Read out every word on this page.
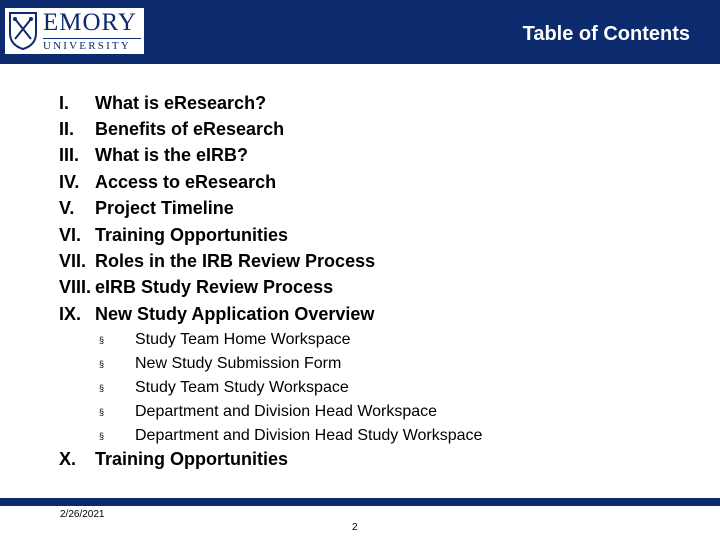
EMORY
UNIVERSITY
Table of Contents
I.	What is eResearch?
II.	Benefits of eResearch
III. What is the eIRB?
IV. Access to eResearch
V.	Project Timeline
VI. Training Opportunities
VII. Roles in the IRB Review Process
VIII. eIRB Study Review Process
IX. New Study Application Overview
§	Study Team Home Workspace
§	New Study Submission Form
§	Study Team Study Workspace
§	Department and Division Head Workspace
§	Department and Division Head Study Workspace
X.	Training Opportunities
2/26/2021
2
